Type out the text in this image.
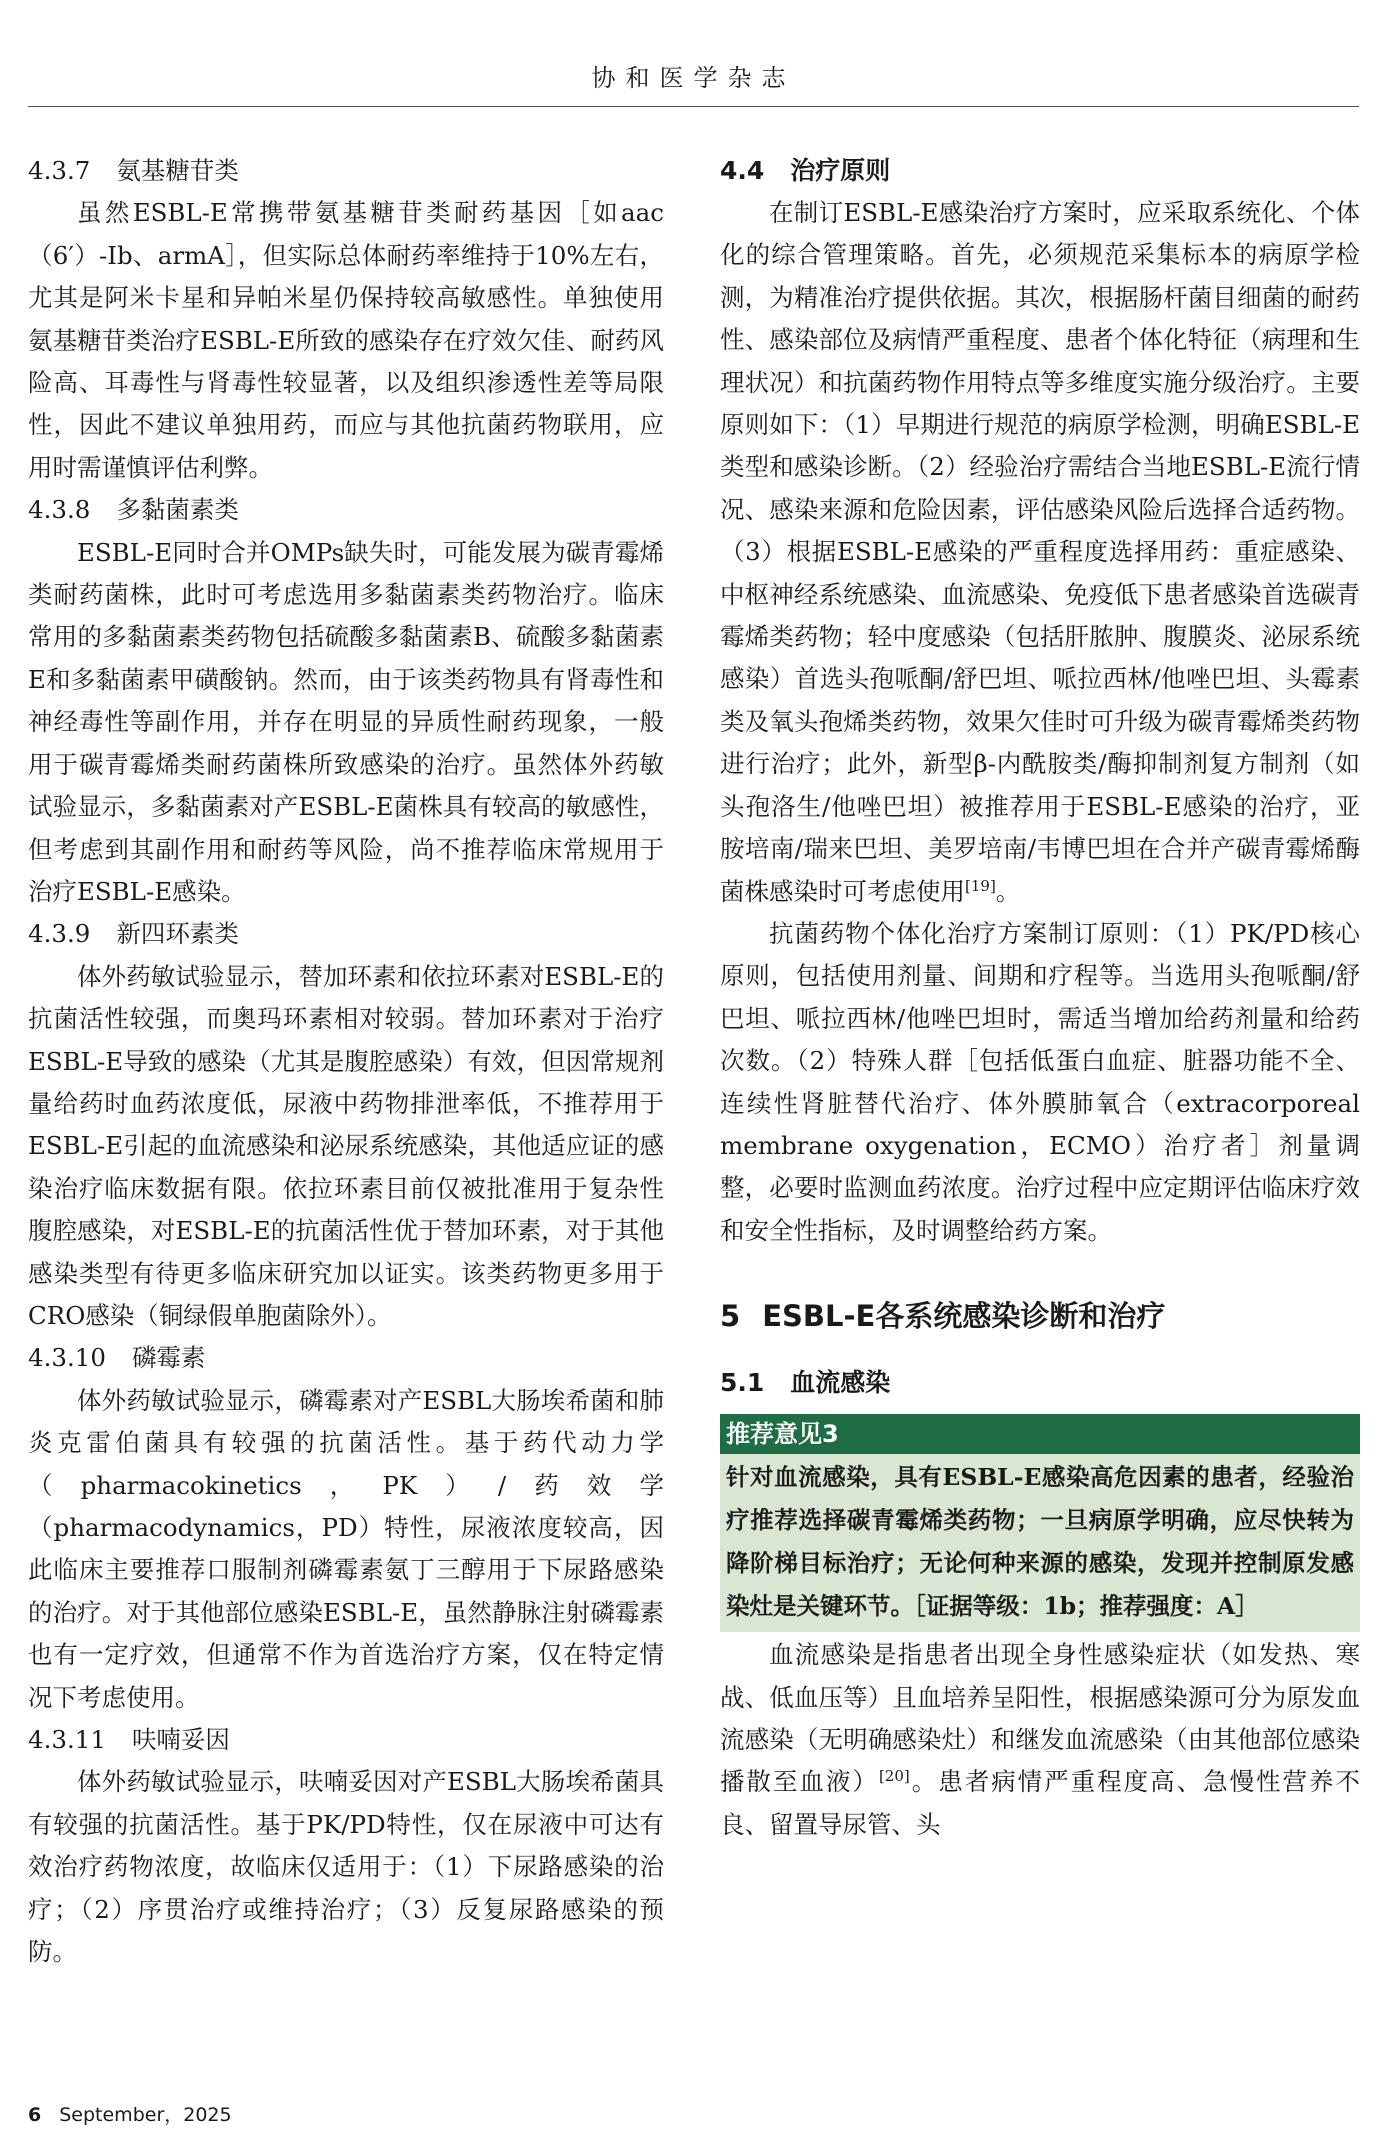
协和医学杂志
4.3.7 氨基糖苷类

虽然ESBL-E常携带氨基糖苷类耐药基因［如aac（6′）-Ib、armA］，但实际总体耐药率维持于10%左右，尤其是阿米卡星和异帕米星仍保持较高敏感性。单独使用氨基糖苷类治疗ESBL-E所致的感染存在疗效欠佳、耐药风险高、耳毒性与肾毒性较显著，以及组织渗透性差等局限性，因此不建议单独用药，而应与其他抗菌药物联用，应用时需谨慎评估利弊。

4.3.8 多黏菌素类

ESBL-E同时合并OMPs缺失时，可能发展为碳青霉烯类耐药菌株，此时可考虑选用多黏菌素类药物治疗。临床常用的多黏菌素类药物包括硫酸多黏菌素B、硫酸多黏菌素E和多黏菌素甲磺酸钠。然而，由于该类药物具有肾毒性和神经毒性等副作用，并存在明显的异质性耐药现象，一般用于碳青霉烯类耐药菌株所致感染的治疗。虽然体外药敏试验显示，多黏菌素对产ESBL-E菌株具有较高的敏感性，但考虑到其副作用和耐药等风险，尚不推荐临床常规用于治疗ESBL-E感染。

4.3.9 新四环素类

体外药敏试验显示，替加环素和依拉环素对ESBL-E的抗菌活性较强，而奥玛环素相对较弱。替加环素对于治疗ESBL-E导致的感染（尤其是腹腔感染）有效，但因常规剂量给药时血药浓度低，尿液中药物排泄率低，不推荐用于ESBL-E引起的血流感染和泌尿系统感染，其他适应证的感染治疗临床数据有限。依拉环素目前仅被批准用于复杂性腹腔感染，对ESBL-E的抗菌活性优于替加环素，对于其他感染类型有待更多临床研究加以证实。该类药物更多用于CRO感染（铜绿假单胞菌除外）。

4.3.10 磷霉素

体外药敏试验显示，磷霉素对产ESBL大肠埃希菌和肺炎克雷伯菌具有较强的抗菌活性。基于药代动力学（pharmacokinetics，PK）/药效学（pharmacodynamics，PD）特性，尿液浓度较高，因此临床主要推荐口服制剂磷霉素氨丁三醇用于下尿路感染的治疗。对于其他部位感染ESBL-E，虽然静脉注射磷霉素也有一定疗效，但通常不作为首选治疗方案，仅在特定情况下考虑使用。

4.3.11 呋喃妥因

体外药敏试验显示，呋喃妥因对产ESBL大肠埃希菌具有较强的抗菌活性。基于PK/PD特性，仅在尿液中可达有效治疗药物浓度，故临床仅适用于：（1）下尿路感染的治疗；（2）序贯治疗或维持治疗；（3）反复尿路感染的预防。

4.4 治疗原则

在制订ESBL-E感染治疗方案时，应采取系统化、个体化的综合管理策略。首先，必须规范采集标本的病原学检测，为精准治疗提供依据。其次，根据肠杆菌目细菌的耐药性、感染部位及病情严重程度、患者个体化特征（病理和生理状况）和抗菌药物作用特点等多维度实施分级治疗。主要原则如下：（1）早期进行规范的病原学检测，明确ESBL-E类型和感染诊断。（2）经验治疗需结合当地ESBL-E流行情况、感染来源和危险因素，评估感染风险后选择合适药物。（3）根据ESBL-E感染的严重程度选择用药：重症感染、中枢神经系统感染、血流感染、免疫低下患者感染首选碳青霉烯类药物；轻中度感染（包括肝脓肿、腹膜炎、泌尿系统感染）首选头孢哌酮/舒巴坦、哌拉西林/他唑巴坦、头霉素类及氧头孢烯类药物，效果欠佳时可升级为碳青霉烯类药物进行治疗；此外，新型β-内酰胺类/酶抑制剂复方制剂（如头孢洛生/他唑巴坦）被推荐用于ESBL-E感染的治疗，亚胺培南/瑞来巴坦、美罗培南/韦博巴坦在合并产碳青霉烯酶菌株感染时可考虑使用[19]。

抗菌药物个体化治疗方案制订原则：（1）PK/PD核心原则，包括使用剂量、间期和疗程等。当选用头孢哌酮/舒巴坦、哌拉西林/他唑巴坦时，需适当增加给药剂量和给药次数。（2）特殊人群［包括低蛋白血症、脏器功能不全、连续性肾脏替代治疗、体外膜肺氧合（extracorporeal membrane oxygenation，ECMO）治疗者］剂量调整，必要时监测血药浓度。治疗过程中应定期评估临床疗效和安全性指标，及时调整给药方案。

5 ESBL-E各系统感染诊断和治疗
5.1 血流感染
推荐意见3
针对血流感染，具有ESBL-E感染高危因素的患者，经验治疗推荐选择碳青霉烯类药物；一旦病原学明确，应尽快转为降阶梯目标治疗；无论何种来源的感染，发现并控制原发感染灶是关键环节。［证据等级：1b；推荐强度：A］

血流感染是指患者出现全身性感染症状（如发热、寒战、低血压等）且血培养呈阳性，根据感染源可分为原发血流感染（无明确感染灶）和继发血流感染（由其他部位感染播散至血液）[20]。患者病情严重程度高、急慢性营养不良、留置导尿管、头

6 September，2025
